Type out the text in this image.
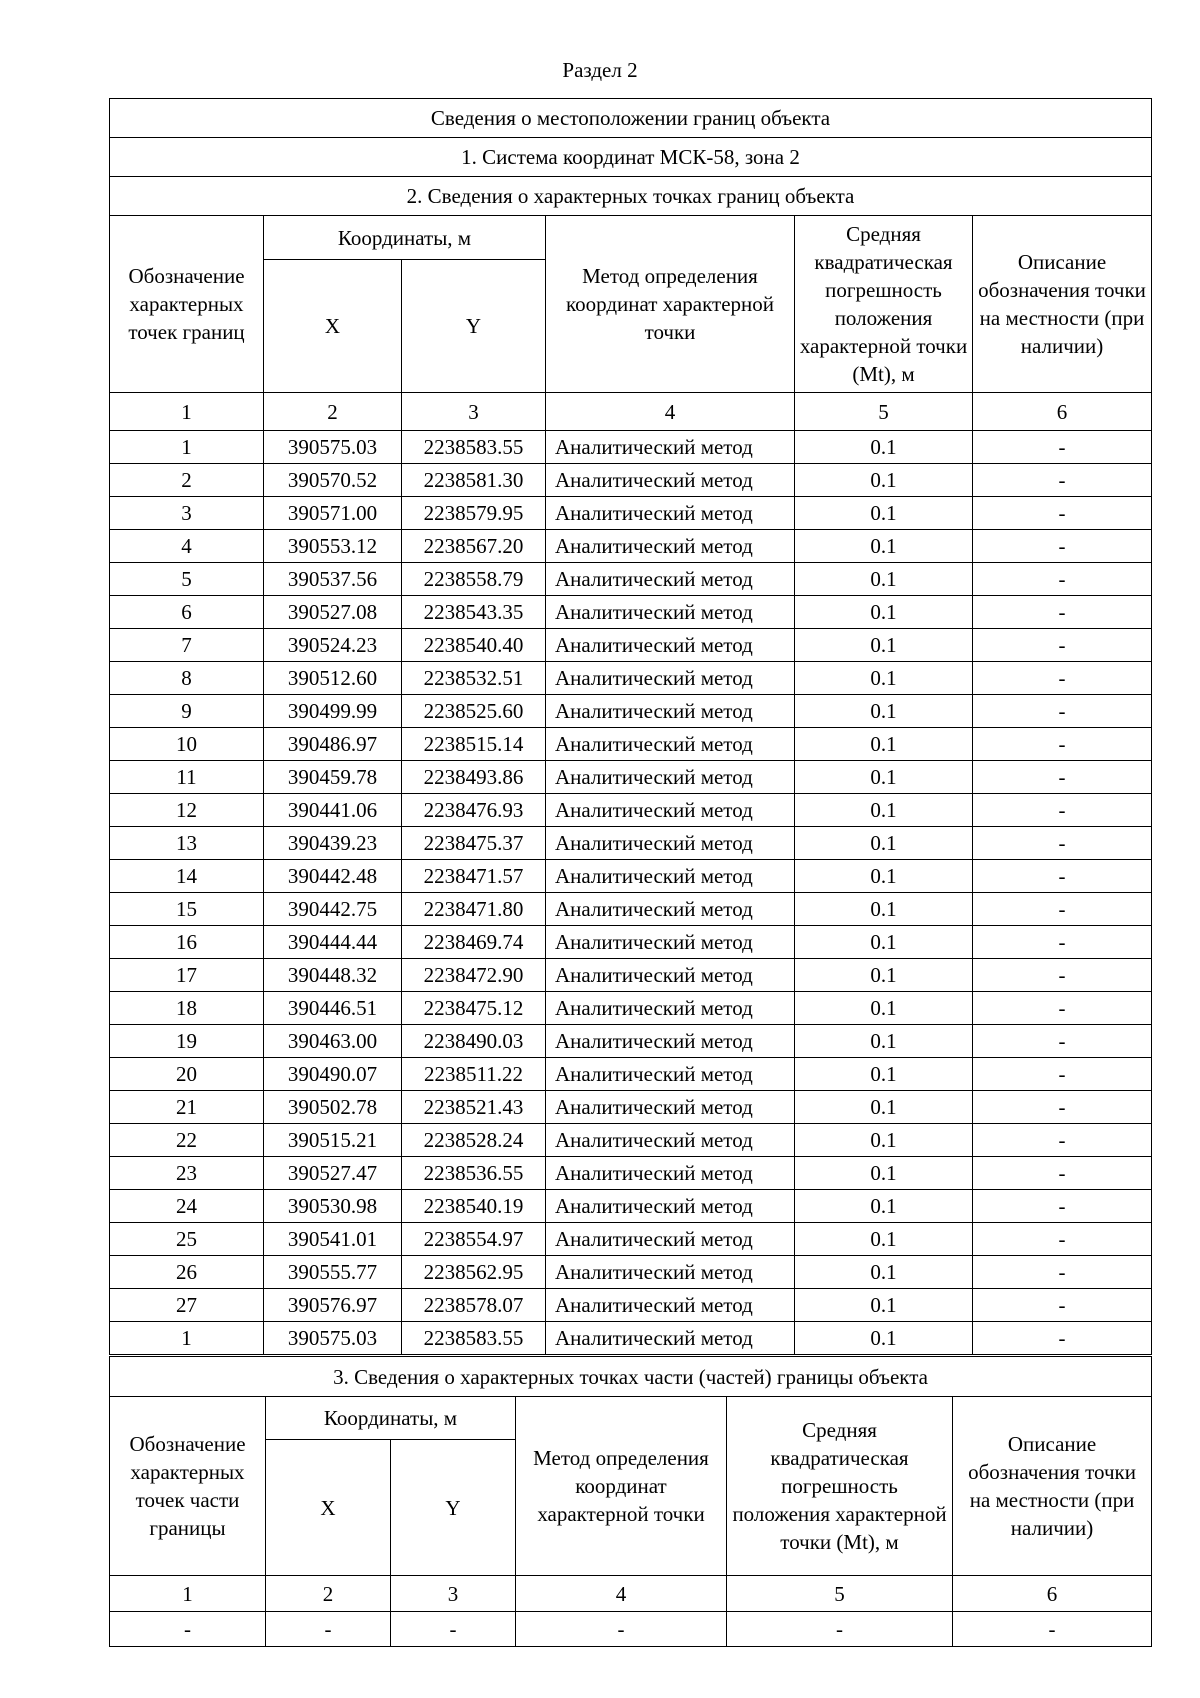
Раздел 2
Сведения о местоположении границ объекта					
1. Система координат МСК-58, зона 2					
2. Сведения о характерных точках границ объекта					
Обозначение характерных точек границ	Координаты, м		Метод определения координат характерной точки	Средняя квадратическая погрешность положения характерной точки (Mt), м	Описание обозначения точки на местности (при наличии)
	X	Y			
1	2	3	4	5	6
1	390575.03	2238583.55	Аналитический метод	0.1	-
2	390570.52	2238581.30	Аналитический метод	0.1	-
3	390571.00	2238579.95	Аналитический метод	0.1	-
4	390553.12	2238567.20	Аналитический метод	0.1	-
5	390537.56	2238558.79	Аналитический метод	0.1	-
6	390527.08	2238543.35	Аналитический метод	0.1	-
7	390524.23	2238540.40	Аналитический метод	0.1	-
8	390512.60	2238532.51	Аналитический метод	0.1	-
9	390499.99	2238525.60	Аналитический метод	0.1	-
10	390486.97	2238515.14	Аналитический метод	0.1	-
11	390459.78	2238493.86	Аналитический метод	0.1	-
12	390441.06	2238476.93	Аналитический метод	0.1	-
13	390439.23	2238475.37	Аналитический метод	0.1	-
14	390442.48	2238471.57	Аналитический метод	0.1	-
15	390442.75	2238471.80	Аналитический метод	0.1	-
16	390444.44	2238469.74	Аналитический метод	0.1	-
17	390448.32	2238472.90	Аналитический метод	0.1	-
18	390446.51	2238475.12	Аналитический метод	0.1	-
19	390463.00	2238490.03	Аналитический метод	0.1	-
20	390490.07	2238511.22	Аналитический метод	0.1	-
21	390502.78	2238521.43	Аналитический метод	0.1	-
22	390515.21	2238528.24	Аналитический метод	0.1	-
23	390527.47	2238536.55	Аналитический метод	0.1	-
24	390530.98	2238540.19	Аналитический метод	0.1	-
25	390541.01	2238554.97	Аналитический метод	0.1	-
26	390555.77	2238562.95	Аналитический метод	0.1	-
27	390576.97	2238578.07	Аналитический метод	0.1	-
1	390575.03	2238583.55	Аналитический метод	0.1	-
3. Сведения о характерных точках части (частей) границы объекта					
Обозначение характерных точек части границы	Координаты, м		Метод определения координат характерной точки	Средняя квадратическая погрешность положения характерной точки (Mt), м	Описание обозначения точки на местности (при наличии)
	X	Y			
1	2	3	4	5	6
-	-	-	-	-	-
